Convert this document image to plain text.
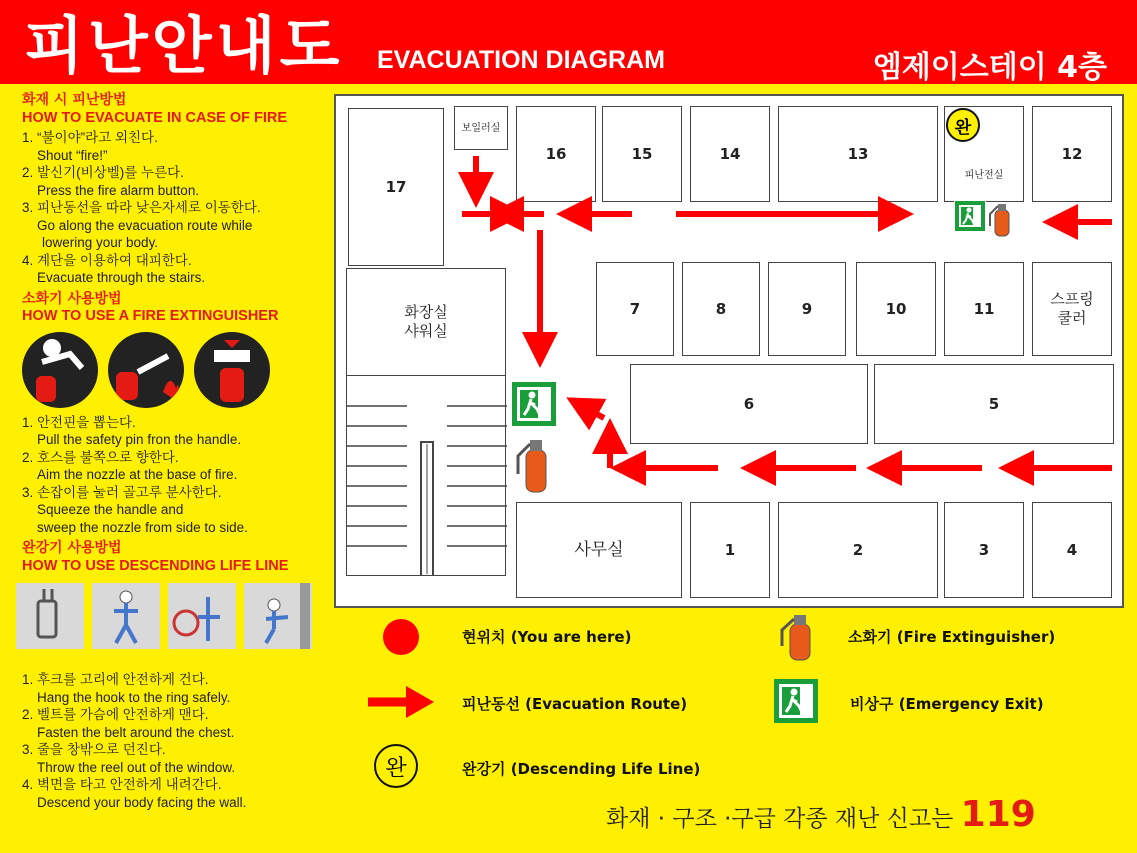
피난안내도 EVACUATION DIAGRAM	엠제이스테이 4층
화재 시 피난방법
HOW TO EVACUATE IN CASE OF FIRE
1. “불이야”라고 외친다.
Shout “fire!”
2. 발신기(비상벨)를 누른다.
Press the fire alarm button.
3. 피난동선을 따라 낮은자세로 이동한다.
Go along the evacuation route while
lowering your body.
4. 계단을 이용하여 대피한다.
Evacuate through the stairs.
소화기 사용방법
HOW TO USE A FIRE EXTINGUISHER
1. 안전핀을 뽑는다.
Pull the safety pin fron the handle.
2. 호스를 불쪽으로 향한다.
Aim the nozzle at the base of fire.
3. 손잡이를 눌러 골고루 분사한다.
Squeeze the handle and
sweep the nozzle from side to side.
완강기 사용방법
HOW TO USE DESCENDING LIFE LINE
1. 후크를 고리에 안전하게 건다.
Hang the hook to the ring safely.
2. 벨트를 가슴에 안전하게 맨다.
Fasten the belt around the chest.
3. 줄을 창밖으로 던진다.
Throw the reel out of the window.
4. 벽면을 타고 안전하게 내려간다.
Descend your body facing the wall.
17
보일러실
16	15	14	13
피난전실
12
7	8	9	10	11
스프링
쿨러
화장실
샤워실
6	5
사무실	1	2	3	4
완
현위치 (You are here)
피난동선 (Evacuation Route)
완	완강기 (Descending Life Line)
소화기 (Fire Extinguisher)
비상구 (Emergency Exit)
화재 · 구조 ·구급 각종 재난 신고는 119
